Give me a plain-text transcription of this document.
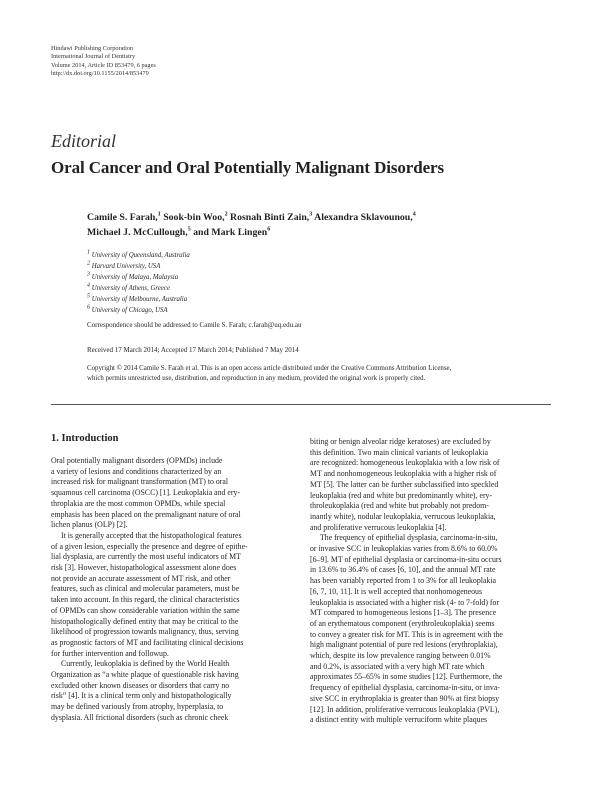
Hindawi Publishing Corporation
International Journal of Dentistry
Volume 2014, Article ID 853479, 6 pages
http://dx.doi.org/10.1155/2014/853479
Editorial
Oral Cancer and Oral Potentially Malignant Disorders
Camile S. Farah,$^1$ Sook-bin Woo,$^2$ Rosnah Binti Zain,$^3$ Alexandra Sklavounou,$^4$
Michael J. McCullough,$^5$ and Mark Lingen$^6$
$^1$ University of Queensland, Australia
$^2$ Harvard University, USA
$^3$ University of Malaya, Malaysia
$^4$ University of Athens, Greece
$^5$ University of Melbourne, Australia
$^6$ University of Chicago, USA
Correspondence should be addressed to Camile S. Farah; c.farah@uq.edu.au
Received 17 March 2014; Accepted 17 March 2014; Published 7 May 2014
Copyright © 2014 Camile S. Farah et al. This is an open access article distributed under the Creative Commons Attribution License,
which permits unrestricted use, distribution, and reproduction in any medium, provided the original work is properly cited.
1. Introduction

Oral potentially malignant disorders (OPMDs) include
a variety of lesions and conditions characterized by an
increased risk for malignant transformation (MT) to oral
squamous cell carcinoma (OSCC) [1]. Leukoplakia and ery-
throplakia are the most common OPMDs, while special
emphasis has been placed on the premalignant nature of oral
lichen planus (OLP) [2].

It is generally accepted that the histopathological features
of a given lesion, especially the presence and degree of epithe-
lial dysplasia, are currently the most useful indicators of MT
risk [3]. However, histopathological assessment alone does
not provide an accurate assessment of MT risk, and other
features, such as clinical and molecular parameters, must be
taken into account. In this regard, the clinical characteristics
of OPMDs can show considerable variation within the same
histopathologically defined entity that may be critical to the
likelihood of progression towards malignancy, thus, serving
as prognostic factors of MT and facilitating clinical decisions
for further intervention and followup.

Currently, leukoplakia is defined by the World Health
Organization as “a white plaque of questionable risk having
excluded other known diseases or disorders that carry no
risk” [4]. It is a clinical term only and histopathologically
may be defined variously from atrophy, hyperplasia, to
dysplasia. All frictional disorders (such as chronic cheek

biting or benign alveolar ridge keratoses) are excluded by
this definition. Two main clinical variants of leukoplakia
are recognized: homogeneous leukoplakia with a low risk of
MT and nonhomogeneous leukoplakia with a higher risk of
MT [5]. The latter can be further subclassified into speckled
leukoplakia (red and white but predominantly white), ery-
throleukoplakia (red and white but probably not predom-
inantly white), nodular leukoplakia, verrucous leukoplakia,
and proliferative verrucous leukoplakia [4].

The frequency of epithelial dysplasia, carcinoma-in-situ,
or invasive SCC in leukoplakias varies from 8.6% to 60.0%
[6–9]. MT of epithelial dysplasia or carcinoma-in-situ occurs
in 13.6% to 36.4% of cases [6, 10], and the annual MT rate
has been variably reported from 1 to 3% for all leukoplakia
[6, 7, 10, 11]. It is well accepted that nonhomogeneous
leukoplakia is associated with a higher risk (4- to 7-fold) for
MT compared to homogeneous lesions [1–3]. The presence
of an erythematous component (erythroleukoplakia) seems
to convey a greater risk for MT. This is in agreement with the
high malignant potential of pure red lesions (erythroplakia),
which, despite its low prevalence ranging between 0.01%
and 0.2%, is associated with a very high MT rate which
approximates 55–65% in some studies [12]. Furthermore, the
frequency of epithelial dysplasia, carcinoma-in-situ, or inva-
sive SCC in erythroplakia is greater than 90% at first biopsy
[12]. In addition, proliferative verrucous leukoplakia (PVL),
a distinct entity with multiple verruciform white plaques
